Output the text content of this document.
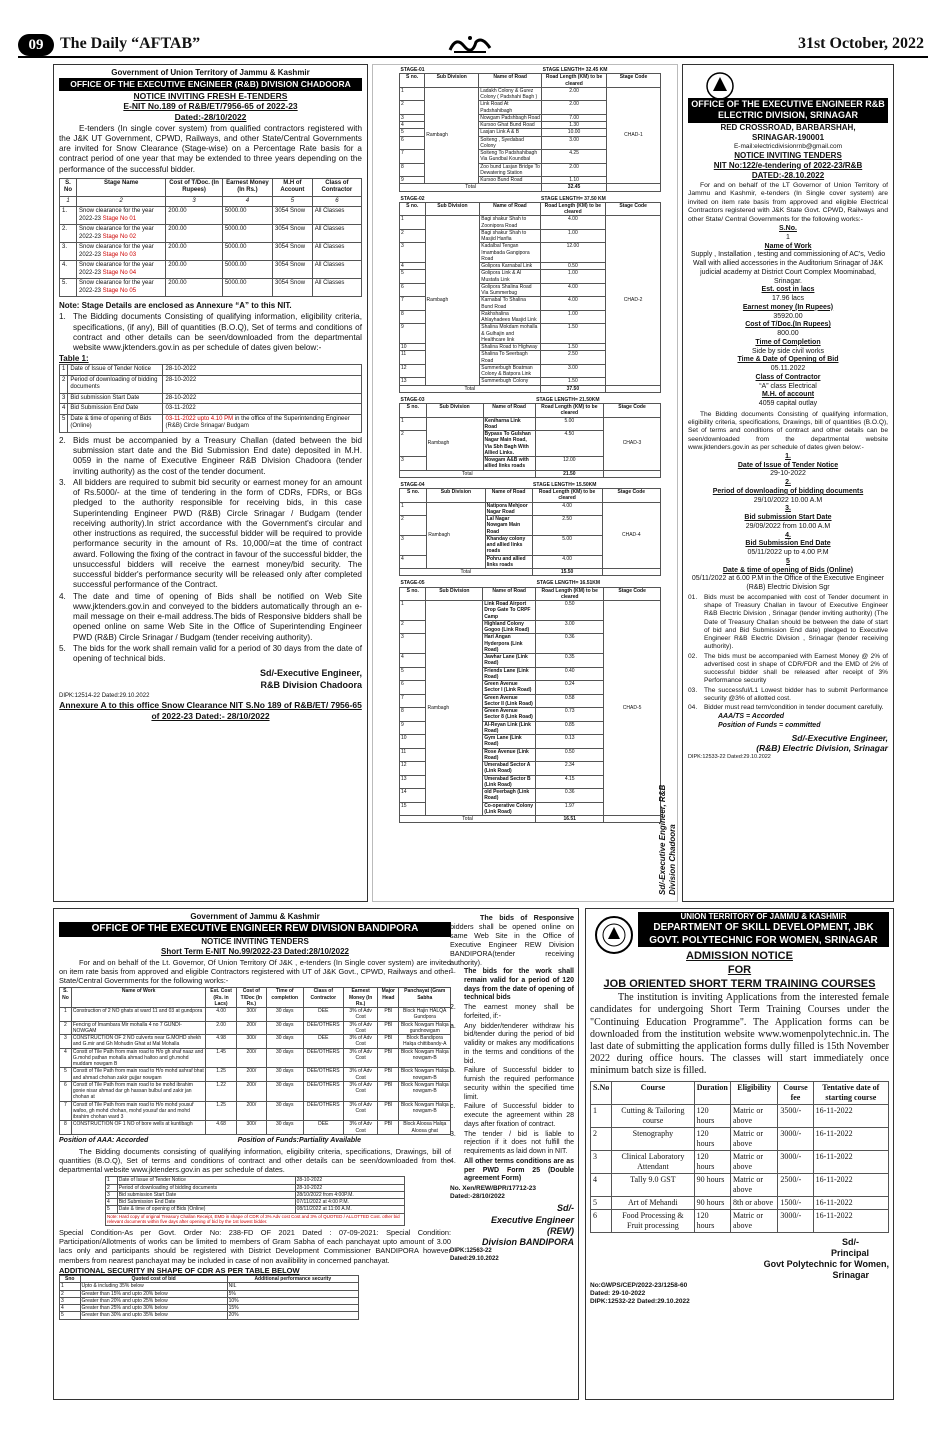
09	The Daily “AFTAB”	31st October, 2022
Government of Union Territory of Jammu & Kashmir
OFFICE OF THE EXECUTIVE ENGINEER (R&B) DIVISION CHADOORA
NOTICE INVITING FRESH E-TENDERS
E-NIT No.189 of R&B/ET/7956-65 of 2022-23
Dated:-28/10/2022

E-tenders (In single cover system) from qualified contractors registered with the J&K UT Government, CPWD, Railways, and other State/Central Governments are invited for Snow Clearance (Stage-wise) on a Percentage Rate basis for a contract period of one year that may be extended to three years depending on the performance of the successful bidder.

S. No	Stage Name	Cost of T/Doc. (In Rupees)	Earnest Money (In Rs.)	M.H of Account	Class of Contractor
1	2	3	4	5	6
1.	Snow clearance for the year 2022-23 Stage No 01	200.00	5000.00	3054 Snow	All Classes
2.	Snow clearance for the year 2022-23 Stage No 02	200.00	5000.00	3054 Snow	All Classes
3.	Snow clearance for the year 2022-23 Stage No 03	200.00	5000.00	3054 Snow	All Classes
4.	Snow clearance for the year 2022-23 Stage No 04	200.00	5000.00	3054 Snow	All Classes
5.	Snow clearance for the year 2022-23 Stage No 05	200.00	5000.00	3054 Snow	All Classes

Note: Stage Details are enclosed as Annexure “A” to this NIT.

1. The Bidding documents Consisting of qualifying information, eligibility criteria, specifications, (if any), Bill of quantities (B.O.Q), Set of terms and conditions of contract and other details can be seen/downloaded from the departmental website www.jktenders.gov.in as per schedule of dates given below:-
Table 1:
1	Date of Issue of Tender Notice	28-10-2022
2	Period of downloading of bidding documents	28-10-2022
3	Bid submission Start Date	28-10-2022
4	Bid Submission End Date	03-11-2022
5	Date & time of opening of Bids (Online)	03-11-2022 upto 4.10 PM in the office of the Superintending Engineer (R&B) Circle Srinagar/ Budgam
2. Bids must be accompanied by a Treasury Challan (dated between the bid submission start date and the Bid Submission End date) deposited in M.H. 0059 in the name of Executive Engineer R&B Division Chadoora (tender inviting authority) as the cost of the tender document.
3. All bidders are required to submit bid security or earnest money for an amount of Rs.5000/- at the time of tendering in the form of CDRs, FDRs, or BGs pledged to the authority responsible for receiving bids, in this case Superintending Engineer PWD (R&B) Circle Srinagar / Budgam (tender receiving authority).In strict accordance with the Government's circular and other instructions as required, the successful bidder will be required to provide performance security in the amount of Rs. 10,000/=at the time of contract award. Following the fixing of the contract in favour of the successful bidder, the unsuccessful bidders will receive the earnest money/bid security. The successful bidder's performance security will be released only after completed successful performance of the Contract.
4. The date and time of opening of Bids shall be notified on Web Site www.jktenders.gov.in and conveyed to the bidders automatically through an e-mail message on their e-mail address.The bids of Responsive bidders shall be opened online on same Web Site in the Office of Superintending Engineer PWD (R&B) Circle Srinagar / Budgam (tender receiving authority).
5. The bids for the work shall remain valid for a period of 30 days from the date of opening of technical bids.
Sd/-Executive Engineer,
R&B Division Chadoora
DIPK:12514-22 Dated:29.10.2022
Annexure A to this office Snow Clearance NIT S.No 189 of R&B/ET/ 7956-65 of 2022-23 Dated:- 28/10/2022
STAGE-01			STAGE LENGTH= 32.45 KM	
S no.	Sub Division	Name of Road	Road Length (KM) to be cleared	Stage Code
1	Rambagh	Ladakh Colony & Gurez Colony ( Padshahi Bagh )	2.00	CHAD-1
2		Link Road At Padshahibagh	2.00	
3		Nowgam Padshbagh Road	7.00	
4		Kursoo Ghat Bund Road	1.30	
5		Lasjan Link A & B	10.00	
6		Soiteng , Syedabad Colony	3.00	
7		Soiteng To Padshahibagh Via Gundbal Koundbal	4.25	
8		Zoo bund Lasjan Bridge To Dewatering Station	2.00	
9		Kursoo Bund Road	1.10	
Total			32.45	
STAGE-02			STAGE LENGTH= 37.50 KM	
S no.	Sub Division	Name of Road	Road Length (KM) to be cleared	Stage Code
1	Rambagh	Bagi shakur Shah to Zoonipora Road	4.00	CHAD-2
2		Bagi shakur Shah to Masjid Hanfia	1.00	
3		Kadalbal Tengan Imambada Gangipora Road	12.00	
4		Golipora Karnabal Link	0.50	
5		Golipora Link & Al Mustafa Link	1.00	
6		Golipora Shalina Road Via Summerbug	4.00	
7		Karnabal To Shalina Bund Road	4.00	
8		Rakhshalina Ahlayhadees Masjid Link	1.00	
9		Shalina Mokdam mohalla & Gulhajin and Healthcare link	1.50	
10		Shalina Road to Highway	1.50	
11		Shalina To Seerbagh Road	2.50	
12		Summerbugh Boatman Colony & Batpora Link	3.00	
13		Summerbugh Colony	1.50	
Total			37.50	
STAGE-03			STAGE LENGTH= 21.50KM	
S no.	Sub Division	Name of Road	Road Length (KM) to be cleared	Stage Code
1	Rambagh	Keniharna Link Road	5.00	CHAD-3
2		Bypass To Gulshan Nagar Main Road, Via Sbh Bagh With Allied Links.	4.50	
3		Nowgam A&B with allied links roads	12.00	
Total			21.50	
STAGE-04			STAGE LENGTH= 15.50KM	
S no.	Sub Division	Name of Road	Road Length (KM) to be cleared	Stage Code
1	Rambagh	Natipora Mehjoor Nagar Road	4.00	CHAD-4
2		Lal Nagar Nowgam Main Road	2.50	
3		Khanday colony and allied links roads	5.00	
4		Pohru and allied links roads	4.00	
Total			15.50	
STAGE-05			STAGE LENGTH= 16.51KM	
S no.	Sub Division	Name of Road	Road Length (KM) to be cleared	Stage Code
1	Rambagh	Link Road Airport Drop Gate To CRPF Camp	0.50	CHAD-5
2		Highland Colony Gogoo (Link Road)	3.00	
3		Hari Angan Hyderpora (Link Road)	0.36	
4		Jawhar Lane (Link Road)	0.35	
5		Friends Lane (Link Road)	0.40	
6		Green Avenue Sector I (Link Road)	0.24	
7		Green Avenue Sector II (Link Road)	0.58	
8		Green Avenue Sector 8 (Link Road)	0.73	
9		Al-Reyan Link (Link Road)	0.85	
10		Gym Lane (Link Road)	0.13	
11		Rose Avenue (Link Road)	0.50	
12		Umerabad Sector A (Link Road)	2.34	
13		Umerabad Sector B (Link Road)	4.15	
14		old Peerbagh (Link Road)	0.36	
15		Co-operative Colony (Link Road)	1.97	
Total			16.51		Sd/-Executive Engineer, R&B Division Chadoora
OFFICE OF THE EXECUTIVE ENGINEER R&B ELECTRIC DIVISION, SRINAGAR
RED CROSSROAD, BARBARSHAH,
SRINAGAR-190001
E-mail:electricdivisionrnb@gmail.com
NOTICE INVITING TENDERS
NIT No:122/e-tendering of 2022-23/R&B
DATED:-28.10.2022

For and on behalf of the LT Governor of Union Territory of Jammu and Kashmir, e-tenders (In Single cover system) are invited on item rate basis from approved and eligible Electrical Contractors registered with J&K State Govt. CPWD, Railways and other State/ Central Governments for the following works:-

S.No.
1
Name of Work
Supply , Installation , testing and commissioning of AC's, Vedio Wall with allied accessories in the Auditorium Srinagar of J&K judicial academy at District Court Complex Moominabad, Srinagar.
Est. cost in lacs
17.96 lacs
Earnest money (In Rupees)
35920.00
Cost of T/Doc.(In Rupees)
800.00
Time of Completion
Side by side civil works
Time & Date of Opening of Bid
05.11.2022
Class of Contractor
“A” class Electrical
M.H. of account
4059 capital outlay

The Bidding documents Consisting of qualifying information, eligibility criteria, specifications, Drawings, bill of quantities (B.O.Q), Set of terms and conditions of contract and other details can be seen/downloaded from the departmental website www.jktenders.gov.in as per schedule of dates given below:-

1.
Date of Issue of Tender Notice
29-10-2022
2.
Period of downloading of bidding documents
29/10/2022 10.00 A.M
3.
Bid submission Start Date
29/09/2022 from 10.00 A.M
4.
Bid Submission End Date
05/11/2022 up to 4.00 P.M
5
Date & time of opening of Bids (Online)
05/11/2022 at 6.00 P.M in the Office of the Executive Engineer (R&B) Electric Division Sgr
01.	Bids must be accompanied with cost of Tender document in shape of Treasury Challan in favour of Executive Engineer R&B Electric Division , Srinagar (tender inviting authority) (The Date of Treasury Challan should be between the date of start of bid and Bid Submission End date) pledged to Executive Engineer R&B Electric Division , Srinagar (tender receiving authority).
02.	The bids must be accompanied with Earnest Money @ 2% of advertised cost in shape of CDR/FDR and the EMD of 2% of successful bidder shall be released after receipt of 3% Performance security
03.	The successful/L1 Lowest bidder has to submit Performance security @3% of allotted cost.
04.	Bidder must read term/condition in tender document carefully.
AAA/TS = Accorded
Position of Funds = committed
Sd/-Executive Engineer,
(R&B) Electric Division, Srinagar
DIPK:12533-22 Dated:29.10.2022
Government of Jammu & Kashmir
OFFICE OF THE EXECUTIVE ENGINEER REW DIVISION BANDIPORA
NOTICE INVITING TENDERS
Short Term E-NIT No.99/2022-23 Dated:28/10/2022

For and on behalf of the Lt. Governor, Of Union Territory Of J&K , e-tenders (In Single cover system) are invited on item rate basis from approved and eligible Contractors registered with UT of J&K Govt., CPWD, Railways and other State/Central Governments for the following works:-

S. No	Name of Work	Est. Cost (Rs. in Lacs)	Cost of T/Doc (In Rs.)	Time of completion	Class of Contractor	Earnest Money (In Rs.)	Major Head	Panchayat (Gram Sabha
1	Construction of 2 NO ghats at ward 11 and 03 at gundpora	4.00	300/	30 days	DEE	3% of Adv Cost	PBI	Block Hajin HALQA Gundpora
2	Fencing of Imambara Mir mohalla 4 no 7 GUNDI-NOWGAM	2.00	200/	30 days	DEE/OTHERS	3% of Adv Cost	PBI	Block Nowgam Halqa gundnowgam
3	CONSTRUCTION OF 2 NO culverts near G.MOHD shekh and G.mir and Gh Mohudin Ghat at Mal Mohalla	4.98	300/	30 days	DEE	3% of Adv Cost	PBI	Block Bandipora Halqa chittibandy-A
4	Constt of Tile Path from main road to H/o gh shaf naaz and G.mohd pathan mohalla ahmad haltoo and gh.mohd muddam nowgam B	1.45	200/	30 days	DEE/OTHERS	3% of Adv Cost	PBI	Block Nowgam Halqa nowgam-B
5	Constt of Tile Path from main road to H/o mohd ashraf bhat and ahmad chohan zakir gujjar nowgam	1.25	200/	30 days	DEE/OTHERS	3% of Adv Cost	PBI	Block Nowgam Halqa nowgam-B
6	Constt of Tile Path from main road to be mohd ibrahim gonie nisar ahmad dar gh hassan bulbul and zakir jan chohan at	1.22	200/	30 days	DEE/OTHERS	3% of Adv Cost	PBI	Block Nowgam Halqa nowgam-B
7	Constt of Tile Path from main road to H/o mohd yousuf wafoo, gh mohd chohan, mohd yousuf dar and mohd ibrahim chohan ward 3	1.25	200/	30 days	DEE/OTHERS	3% of Adv Cost	PBI	Block Nowgam Halqa nowgam-B
8	CONSTRUCTION OF 1 NO of bore wells at kuntibagh	4.68	300/	30 days	DEE	3% of Adv Cost	PBI	Block Aloosa Halqa Aloosa ghat
Position of AAA: Accorded	Position of Funds:Partiality Available

The Bidding documents consisting of qualifying information, eligibility criteria, specifications, Drawings, bill of quantities (B.O.Q), Set of terms and conditions of contract and other details can be seen/downloaded from the departmental website www.jktenders.gov.in as per schedule of dates.

1	Date of Issue of Tender Notice	28-10-2022
2	Period of downloading of bidding documents	28-10-2022
3	Bid submission Start Date	28/10/2022 from 4:00P.M.
4	Bid Submission End Date	07/11/2022 at 4:00 P.M.
5	Date & time of opening of Bids (Online)	08/11/2022 at 11:00 A.M.
Note: Hard copy of original Treasury Challan Receipt, EMD in shape of CDR of 3% Adv cost Cost and 3% of QUOTED / ALLOTTED Cost. other bid relevant documents within five days after opening of bid by the 1st lowest bidder.		

Special Condition-As per Govt. Order No: 238-FD OF 2021 Dated : 07-09-2021: Special Condition: Participation/Allotments of works can be limited to members of Gram Sabha of each panchayat upto amount of 3.00 lacs only and participants should be registered with District Development Commissioner BANDIPORA however members from nearest panchayat may be included in case of non availibility in concerned panchayat.

ADDITIONAL SECURITY IN SHAPE OF CDR AS PER TABLE BELOW
Sno	Quoted cost of bid	Additional performance security
1	Upto & including 35% below	NIL
2	Greater than 15% and upto 20% below	5%
3	Greater than 20% and upto 25% below	10%
4	Greater than 25% and upto 30% below	15%
5	Greater than 30% and upto 35% below	20%

The bids of Responsive bidders shall be opened online on same Web Site in the Office of Executive Engineer REW Division BANDIPORA(tender receiving authority).

1.	The bids for the work shall remain valid for a period of 120 days from the date of opening of technical bids
2.	The earnest money shall be forfeited, if:-
a.	Any bidder/tenderer withdraw his bid/tender during the period of bid validity or makes any modifications in the terms and conditions of the bid.
b.	Failure of Successful bidder to furnish the required performance security within the specified time limit.
c.	Failure of Successful bidder to execute the agreement within 28 days after fixation of contract.
3.	The tender / bid is liable to rejection if it does not fulfill the requirements as laid down in NIT.
4.	All other terms conditions are as per PWD Form 25 (Double agreement Form)
No. Xen/REW/BPR/17712-23
Dated:-28/10/2022
Sd/-
Executive Engineer
(REW)
Division BANDIPORA
DIPK:12563-22
Dated:29.10.2022
UNION TERRITORY OF JAMMU & KASHMIR
DEPARTMENT OF SKILL DEVELOPMENT, JBK
GOVT. POLYTECHNIC FOR WOMEN, SRINAGAR
ADMISSION NOTICE
FOR
JOB ORIENTED SHORT TERM TRAINING COURSES

The institution is inviting Applications from the interested female candidates for undergoing Short Term Training Courses under the "Continuing Education Programme". The Application forms can be downloaded from the institution website www.womenpolytechnic.in. The last date of submitting the application forms dully filled is 15th November 2022 during office hours. The classes will start immediately once minimum batch size is filled.

S.No	Course	Duration	Eligibility	Course fee	Tentative date of starting course
1	Cutting & Tailoring course	120 hours	Matric or above	3500/-	16-11-2022
2	Stenography	120 hours	Matric or above	3000/-	16-11-2022
3	Clinical Laboratory Attendant	120 hours	Matric or above	3000/-	16-11-2022
4	Tally 9.0 GST	90 hours	Matric or above	2500/-	16-11-2022
5	Art of Mehandi	90 hours	8th or above	1500/-	16-11-2022
6	Food Processing & Fruit processing	120 hours	Matric or above	3000/-	16-11-2022
Sd/-
Principal
Govt Polytechnic for Women,
Srinagar
No:GWPS/CEP/2022-23/1258-60
Dated: 29-10-2022
DIPK:12532-22 Dated:29.10.2022
